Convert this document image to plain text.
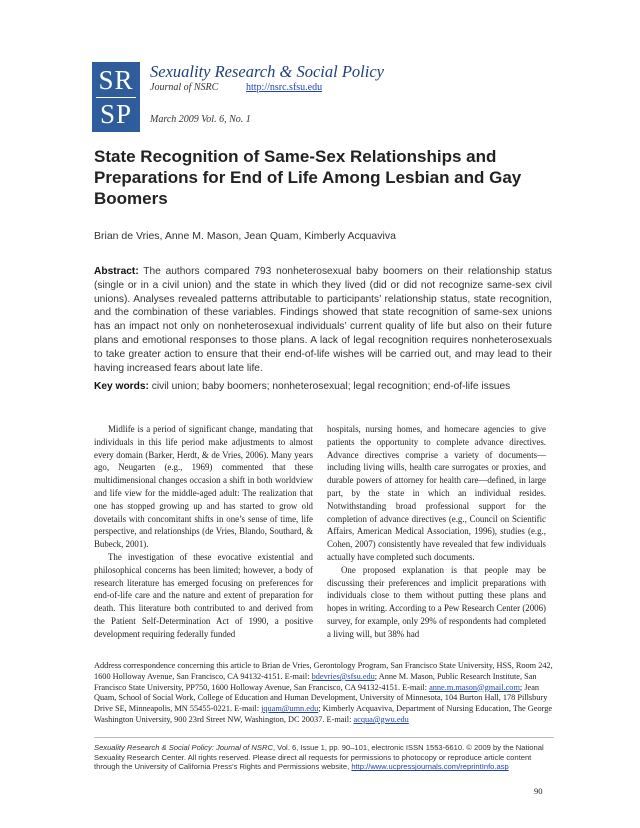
SR
SP
Sexuality Research & Social Policy
Journal of NSRC	http://nsrc.sfsu.edu
March 2009 Vol. 6, No. 1
State Recognition of Same-Sex Relationships and Preparations for End of Life Among Lesbian and Gay Boomers
Brian de Vries, Anne M. Mason, Jean Quam, Kimberly Acquaviva
Abstract: The authors compared 793 nonheterosexual baby boomers on their relationship status (single or in a civil union) and the state in which they lived (did or did not recognize same-sex civil unions). Analyses revealed patterns attributable to participants’ relationship status, state recognition, and the combination of these variables. Findings showed that state recognition of same-sex unions has an impact not only on nonheterosexual individuals’ current quality of life but also on their future plans and emotional responses to those plans. A lack of legal recognition requires nonheterosexuals to take greater action to ensure that their end-of-life wishes will be carried out, and may lead to their having increased fears about late life.
Key words: civil union; baby boomers; nonheterosexual; legal recognition; end-of-life issues

Midlife is a period of significant change, mandating that individuals in this life period make adjustments to almost every domain (Barker, Herdt, & de Vries, 2006). Many years ago, Neugarten (e.g., 1969) commented that these multidimensional changes occasion a shift in both worldview and life view for the middle-aged adult: The realization that one has stopped growing up and has started to grow old dovetails with concomitant shifts in one’s sense of time, life perspective, and relationships (de Vries, Blando, Southard, & Bubeck, 2001).

The investigation of these evocative existential and philosophical concerns has been limited; however, a body of research literature has emerged focusing on preferences for end-of-life care and the nature and extent of preparation for death. This literature both contributed to and derived from the Patient Self-Determination Act of 1990, a positive development requiring federally funded

hospitals, nursing homes, and homecare agencies to give patients the opportunity to complete advance directives. Advance directives comprise a variety of documents—including living wills, health care surrogates or proxies, and durable powers of attorney for health care—defined, in large part, by the state in which an individual resides. Notwithstanding broad professional support for the completion of advance directives (e.g., Council on Scientific Affairs, American Medical Association, 1996), studies (e.g., Cohen, 2007) consistently have revealed that few individuals actually have completed such documents.

One proposed explanation is that people may be discussing their preferences and implicit preparations with individuals close to them without putting these plans and hopes in writing. According to a Pew Research Center (2006) survey, for example, only 29% of respondents had completed a living will, but 38% had

Address correspondence concerning this article to Brian de Vries, Gerontology Program, San Francisco State University, HSS, Room 242, 1600 Holloway Avenue, San Francisco, CA 94132-4151. E-mail: bdevries@sfsu.edu; Anne M. Mason, Public Research Institute, San Francisco State University, PP750, 1600 Holloway Avenue, San Francisco, CA 94132-4151. E-mail: anne.m.mason@gmail.com; Jean Quam, School of Social Work, College of Education and Human Development, University of Minnesota, 104 Burton Hall, 178 Pillsbury Drive SE, Minneapolis, MN 55455-0221. E-mail: jquam@umn.edu; Kimberly Acquaviva, Department of Nursing Education, The George Washington University, 900 23rd Street NW, Washington, DC 20037. E-mail: acqua@gwu.edu
Sexuality Research & Social Policy: Journal of NSRC, Vol. 6, Issue 1, pp. 90–101, electronic ISSN 1553-6610. © 2009 by the National Sexuality Research Center. All rights reserved. Please direct all requests for permissions to photocopy or reproduce article content through the University of California Press’s Rights and Permissions website, http://www.ucpressjournals.com/reprintInfo.asp
90
